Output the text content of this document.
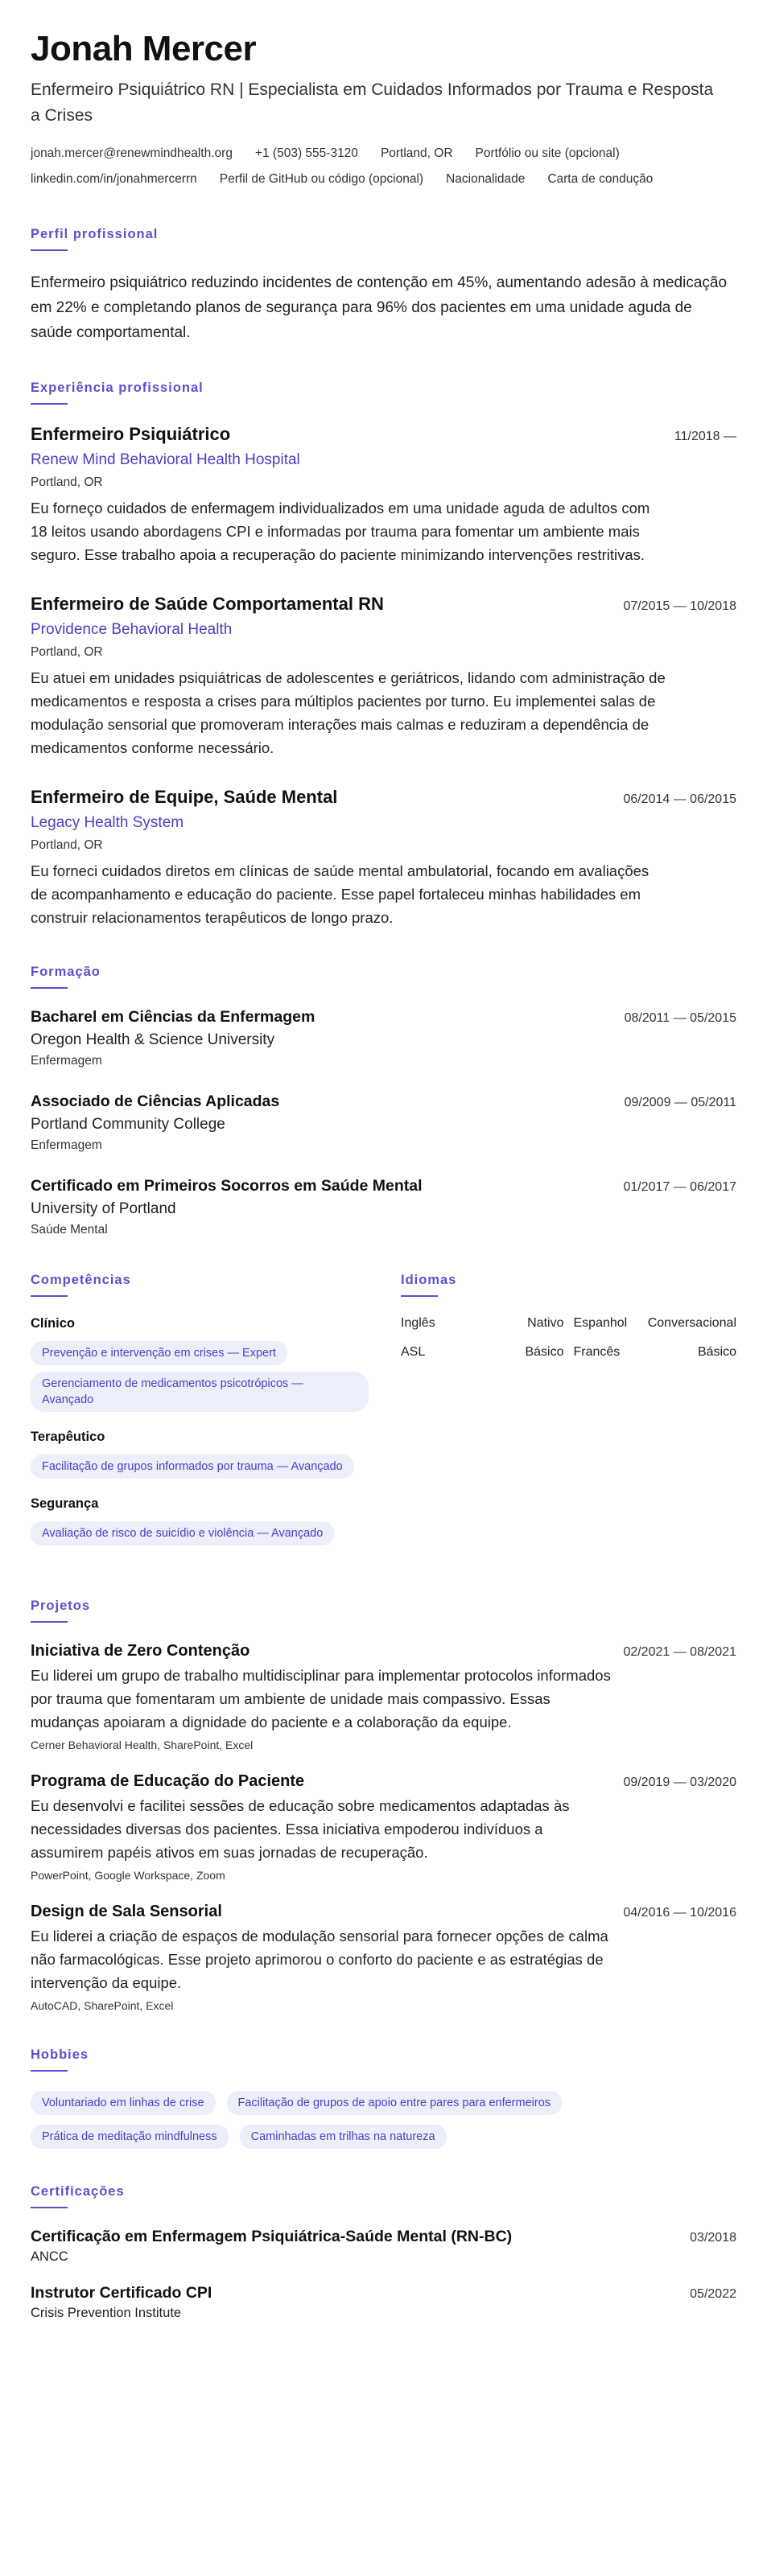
Jonah Mercer
Enfermeiro Psiquiátrico RN | Especialista em Cuidados Informados por Trauma e Resposta a Crises
jonah.mercer@renewmindhealth.org +1 (503) 555-3120 Portland, OR Portfólio ou site (opcional)
linkedin.com/in/jonahmercerrn Perfil de GitHub ou código (opcional) Nacionalidade Carta de condução
Perfil profissional

Enfermeiro psiquiátrico reduzindo incidentes de contenção em 45%, aumentando adesão à medicação em 22% e completando planos de segurança para 96% dos pacientes em uma unidade aguda de saúde comportamental.

Experiência profissional
Enfermeiro Psiquiátrico	11/2018 —
Renew Mind Behavioral Health Hospital
Portland, OR
Eu forneço cuidados de enfermagem individualizados em uma unidade aguda de adultos com 18 leitos usando abordagens CPI e informadas por trauma para fomentar um ambiente mais seguro. Esse trabalho apoia a recuperação do paciente minimizando intervenções restritivas.
Enfermeiro de Saúde Comportamental RN	07/2015 — 10/2018
Providence Behavioral Health
Portland, OR
Eu atuei em unidades psiquiátricas de adolescentes e geriátricos, lidando com administração de medicamentos e resposta a crises para múltiplos pacientes por turno. Eu implementei salas de modulação sensorial que promoveram interações mais calmas e reduziram a dependência de medicamentos conforme necessário.
Enfermeiro de Equipe, Saúde Mental	06/2014 — 06/2015
Legacy Health System
Portland, OR
Eu forneci cuidados diretos em clínicas de saúde mental ambulatorial, focando em avaliações de acompanhamento e educação do paciente. Esse papel fortaleceu minhas habilidades em construir relacionamentos terapêuticos de longo prazo.
Formação
Bacharel em Ciências da Enfermagem	08/2011 — 05/2015
Oregon Health & Science University
Enfermagem
Associado de Ciências Aplicadas	09/2009 — 05/2011
Portland Community College
Enfermagem
Certificado em Primeiros Socorros em Saúde Mental	01/2017 — 06/2017
University of Portland
Saúde Mental
Competências
Clínico
Prevenção e intervenção em crises — Expert
Gerenciamento de medicamentos psicotrópicos — Avançado
Terapêutico
Facilitação de grupos informados por trauma — Avançado
Segurança
Avaliação de risco de suicídio e violência — Avançado
Idiomas
Inglês	Nativo Espanhol Conversacional
ASL	Básico Francês	Básico
Projetos
Iniciativa de Zero Contenção	02/2021 — 08/2021
Eu liderei um grupo de trabalho multidisciplinar para implementar protocolos informados por trauma que fomentaram um ambiente de unidade mais compassivo. Essas mudanças apoiaram a dignidade do paciente e a colaboração da equipe.
Cerner Behavioral Health, SharePoint, Excel
Programa de Educação do Paciente	09/2019 — 03/2020
Eu desenvolvi e facilitei sessões de educação sobre medicamentos adaptadas às necessidades diversas dos pacientes. Essa iniciativa empoderou indivíduos a assumirem papéis ativos em suas jornadas de recuperação.
PowerPoint, Google Workspace, Zoom
Design de Sala Sensorial	04/2016 — 10/2016
Eu liderei a criação de espaços de modulação sensorial para fornecer opções de calma não farmacológicas. Esse projeto aprimorou o conforto do paciente e as estratégias de intervenção da equipe.
AutoCAD, SharePoint, Excel
Hobbies
Voluntariado em linhas de crise	Facilitação de grupos de apoio entre pares para enfermeiros
Prática de meditação mindfulness	Caminhadas em trilhas na natureza
Certificações
Certificação em Enfermagem Psiquiátrica-Saúde Mental (RN-BC)	03/2018
ANCC
Instrutor Certificado CPI	05/2022
Crisis Prevention Institute
